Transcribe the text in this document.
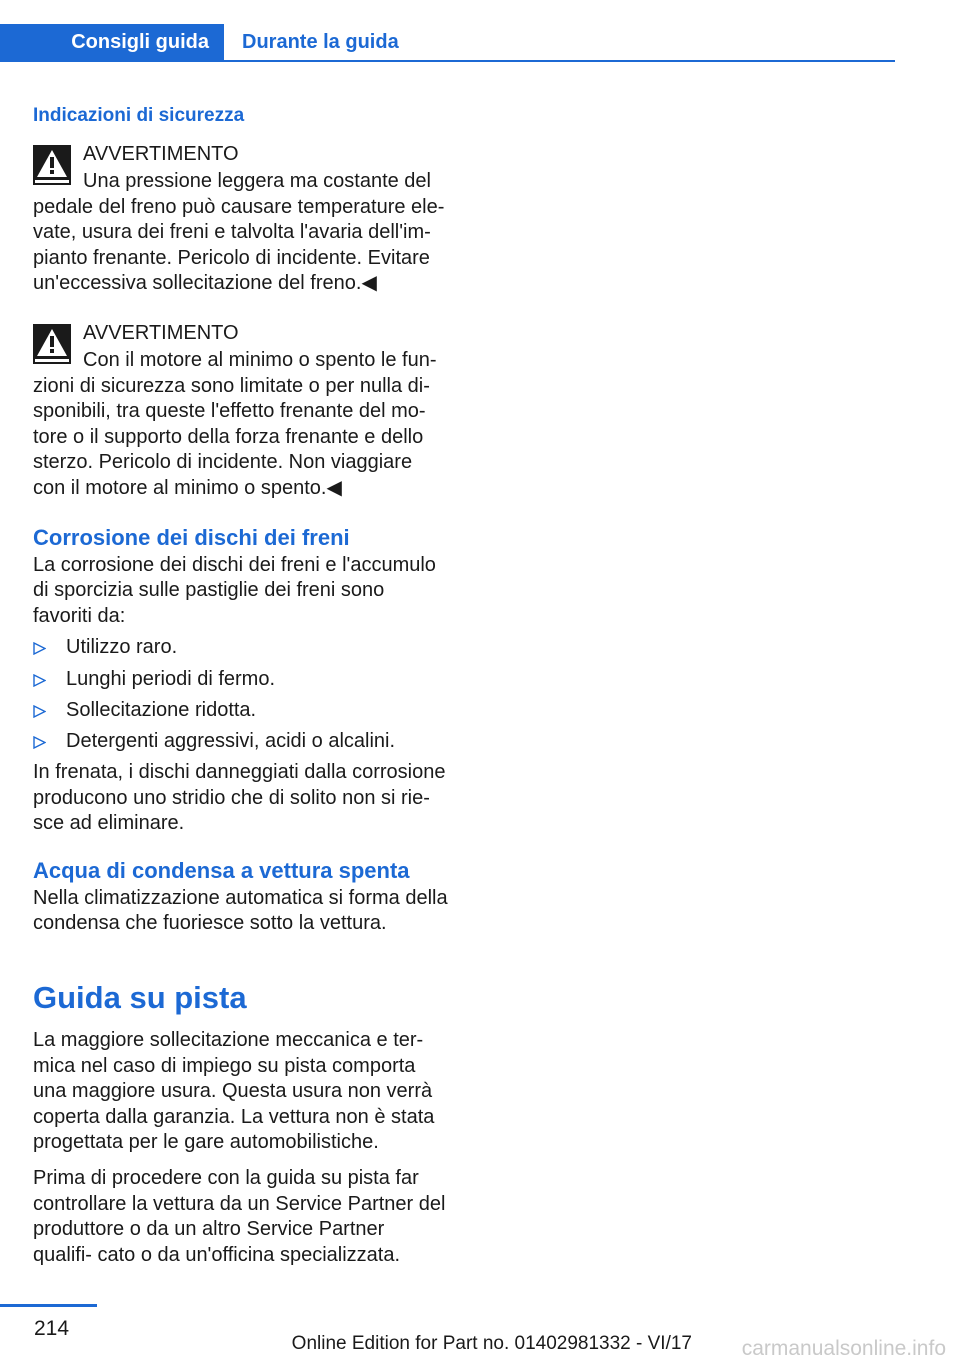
Consigli guida	Durante la guida
Indicazioni di sicurezza
AVVERTIMENTO
Una pressione leggera ma costante del
pedale del freno può causare temperature ele‐ vate, usura dei freni e talvolta l'avaria dell'im‐ pianto frenante. Pericolo di incidente. Evitare un'eccessiva sollecitazione del freno.◀
AVVERTIMENTO
Con il motore al minimo o spento le fun‐
zioni di sicurezza sono limitate o per nulla di‐ sponibili, tra queste l'effetto frenante del mo‐ tore o il supporto della forza frenante e dello sterzo. Pericolo di incidente. Non viaggiare con il motore al minimo o spento.◀
Corrosione dei dischi dei freni
La corrosione dei dischi dei freni e l'accumulo di sporcizia sulle pastiglie dei freni sono favoriti da:
Utilizzo raro.
Lunghi periodi di fermo.
Sollecitazione ridotta.
Detergenti aggressivi, acidi o alcalini.
In frenata, i dischi danneggiati dalla corrosione producono uno stridio che di solito non si rie‐ sce ad eliminare.
Acqua di condensa a vettura spenta
Nella climatizzazione automatica si forma della condensa che fuoriesce sotto la vettura.
Guida su pista
La maggiore sollecitazione meccanica e ter‐ mica nel caso di impiego su pista comporta una maggiore usura. Questa usura non verrà coperta dalla garanzia. La vettura non è stata progettata per le gare automobilistiche.
Prima di procedere con la guida su pista far controllare la vettura da un Service Partner del produttore o da un altro Service Partner qualifi‐ cato o da un'officina specializzata.
214
Online Edition for Part no. 01402981332 - VI/17 carmanualsonline.info
